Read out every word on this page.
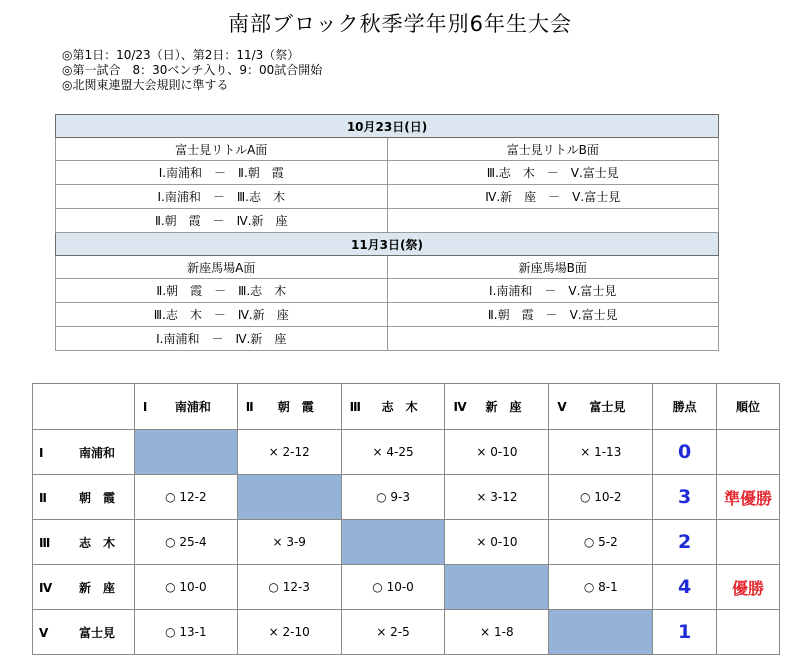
南部ブロック秋季学年別6年生大会
◎第1日：10/23（日）、第2日：11/3（祭）
◎第一試合　8：30ベンチ入り、9：00試合開始
◎北関東連盟大会規則に準する
10月23日(日)	
富士見リトルA面	富士見リトルB面
Ⅰ.南浦和　－　Ⅱ.朝　霞	Ⅲ.志　木　－　Ⅴ.富士見
Ⅰ.南浦和　－　Ⅲ.志　木	Ⅳ.新　座　－　Ⅴ.富士見
Ⅱ.朝　霞　－　Ⅳ.新　座	
11月3日(祭)	
新座馬場A面	新座馬場B面
Ⅱ.朝　霞　－　Ⅲ.志　木	Ⅰ.南浦和　－　Ⅴ.富士見
Ⅲ.志　木　－　Ⅳ.新　座	Ⅱ.朝　霞　－　Ⅴ.富士見
Ⅰ.南浦和　－　Ⅳ.新　座	
	Ⅰ 南浦和	Ⅱ 朝　霞	Ⅲ 志　木	Ⅳ 新　座	Ⅴ 富士見	勝点	順位
Ⅰ 南浦和		× 2-12	× 4-25	× 0-10	× 1-13	0	
Ⅱ 朝　霞	○ 12-2		○ 9-3	× 3-12	○ 10-2	3	準優勝
Ⅲ 志　木	○ 25-4	× 3-9		× 0-10	○ 5-2	2	
Ⅳ 新　座	○ 10-0	○ 12-3	○ 10-0		○ 8-1	4	優勝
Ⅴ 富士見	○ 13-1	× 2-10	× 2-5	× 1-8		1	
